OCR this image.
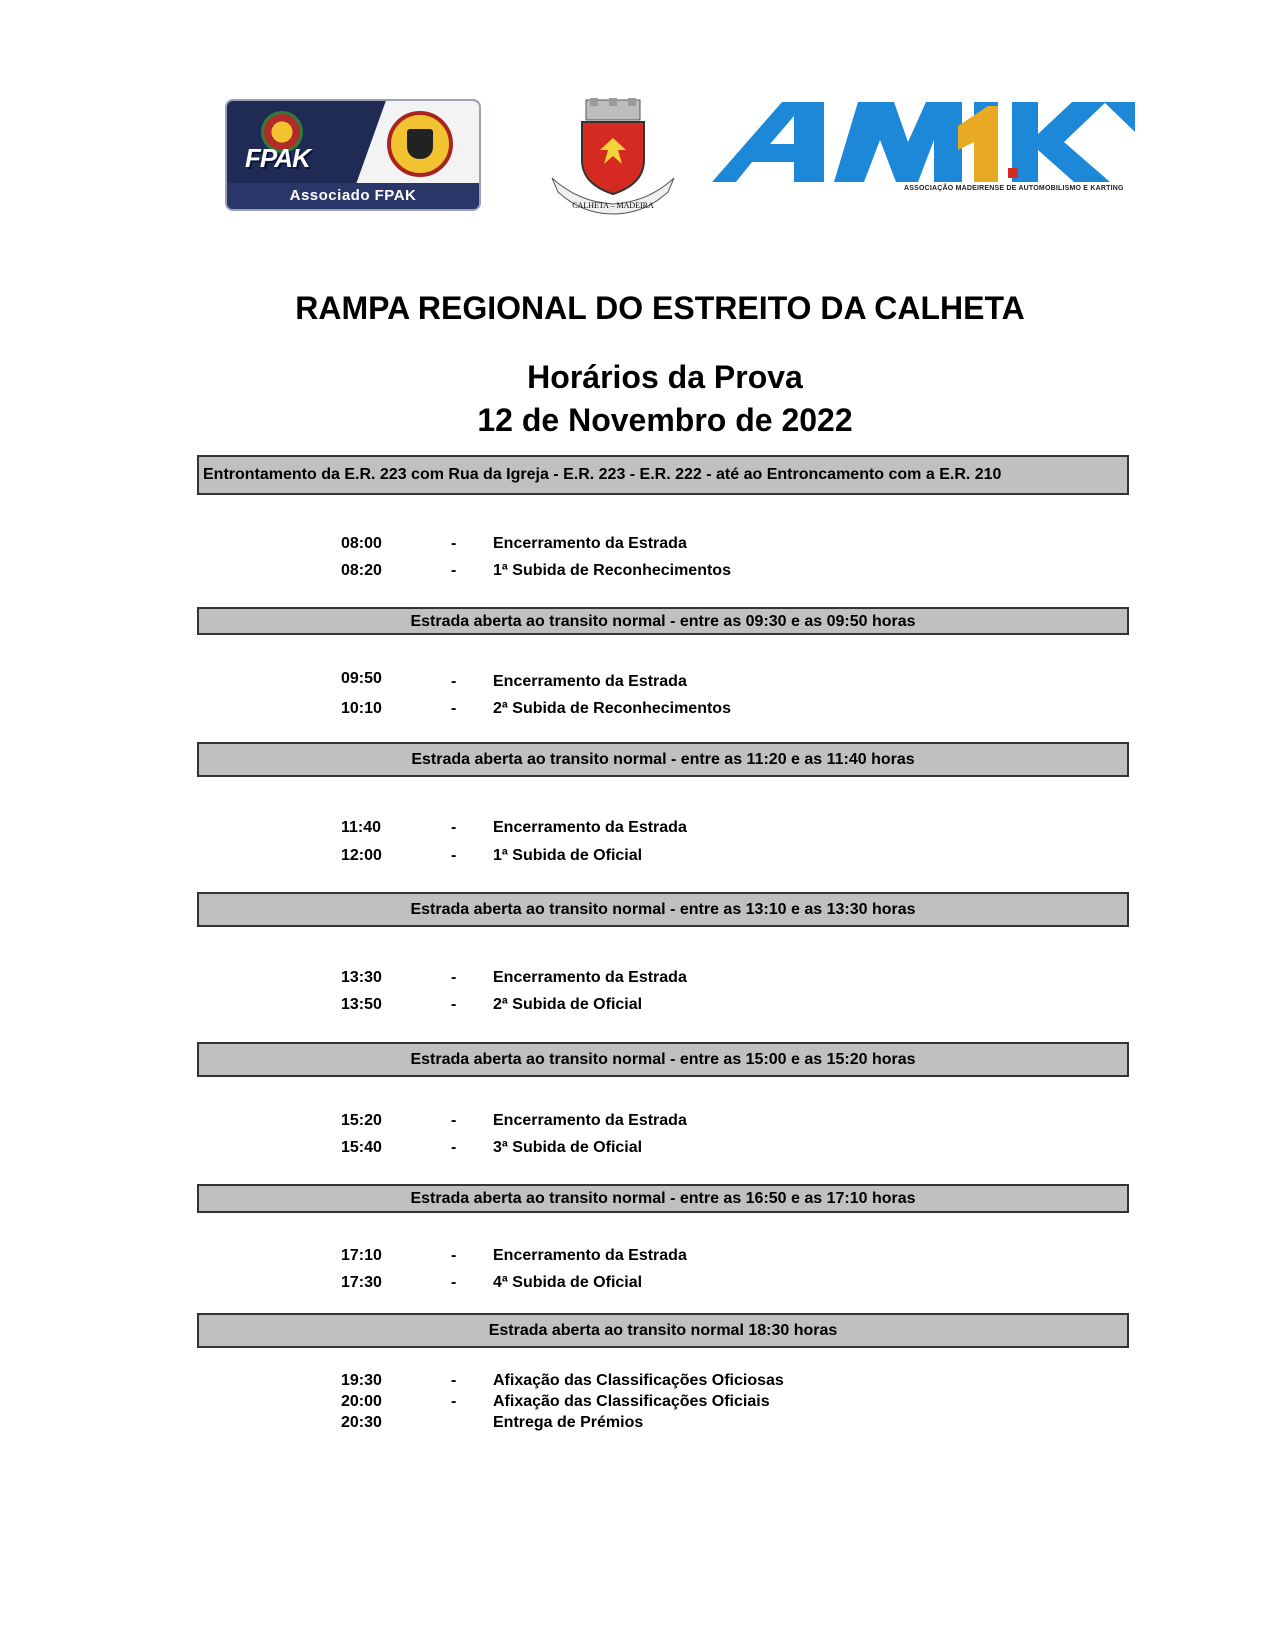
FPAK
Associado FPAK
CALHETA – MADEIRA
AMAK
ASSOCIAÇÃO MADEIRENSE DE AUTOMOBILISMO E KARTING
RAMPA REGIONAL DO ESTREITO DA CALHETA
Horários da Prova
12 de Novembro de 2022
Entrontamento da E.R. 223 com Rua da Igreja - E.R. 223 - E.R. 222 - até ao Entroncamento com a E.R. 210
08:00	- Encerramento da Estrada
08:20	- 1ª Subida de Reconhecimentos
Estrada aberta ao transito normal - entre as 09:30 e as 09:50 horas
09:50	- Encerramento da Estrada
10:10	- 2ª Subida de Reconhecimentos
Estrada aberta ao transito normal - entre as 11:20 e as 11:40 horas
11:40	- Encerramento da Estrada
12:00	- 1ª Subida de Oficial
Estrada aberta ao transito normal - entre as 13:10 e as 13:30 horas
13:30	- Encerramento da Estrada
13:50	- 2ª Subida de Oficial
Estrada aberta ao transito normal - entre as 15:00 e as 15:20 horas
15:20	- Encerramento da Estrada
15:40	- 3ª Subida de Oficial
Estrada aberta ao transito normal - entre as 16:50 e as 17:10 horas
17:10	- Encerramento da Estrada
17:30	- 4ª Subida de Oficial
Estrada aberta ao transito normal 18:30 horas
19:30	- Afixação das Classificações Oficiosas
20:00	- Afixação das Classificações Oficiais
20:30	Entrega de Prémios
